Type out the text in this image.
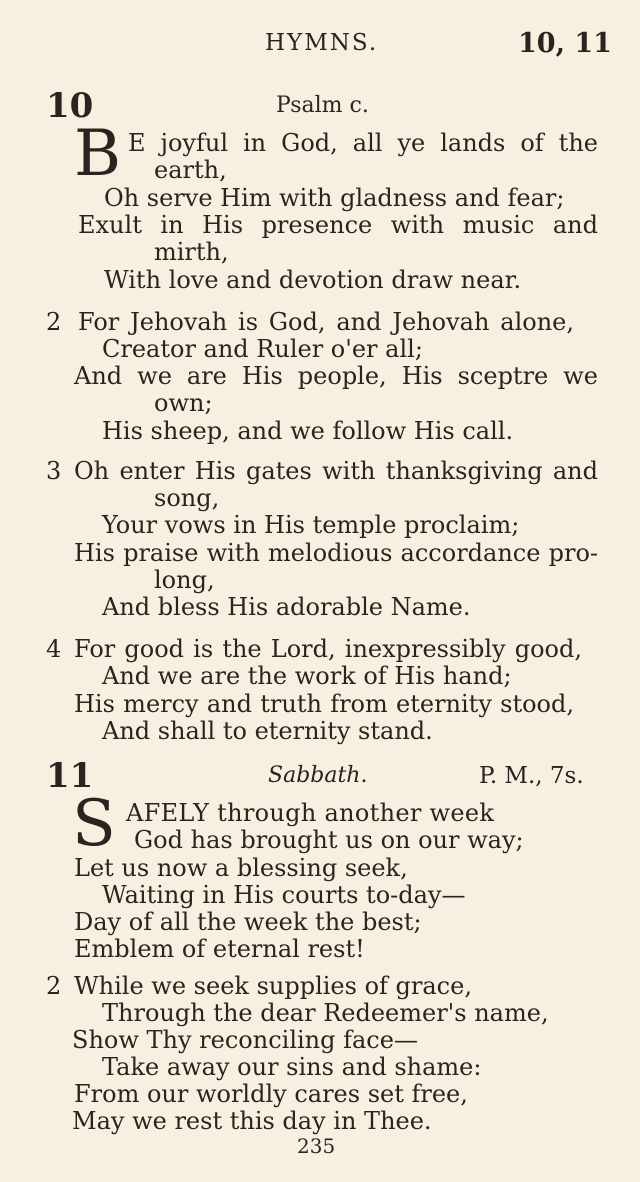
HYMNS.	10, 11
10	Psalm c.
B E joyful in God, all ye lands of the
earth,
Oh serve Him with gladness and fear;
Exult in His presence with music and
mirth,
With love and devotion draw near.
2 For Jehovah is God, and Jehovah alone,
Creator and Ruler o'er all;
And we are His people, His sceptre we
own;
His sheep, and we follow His call.
3 Oh enter His gates with thanksgiving and
song,
Your vows in His temple proclaim;
His praise with melodious accordance pro-
long,
And bless His adorable Name.
4 For good is the Lord, inexpressibly good,
And we are the work of His hand;
His mercy and truth from eternity stood,
And shall to eternity stand.
11	Sabbath.	P. M., 7s.
S AFELY through another week
God has brought us on our way;
Let us now a blessing seek,
Waiting in His courts to-day—
Day of all the week the best;
Emblem of eternal rest!
2 While we seek supplies of grace,
Through the dear Redeemer's name,
Show Thy reconciling face—
Take away our sins and shame:
From our worldly cares set free,
May we rest this day in Thee.
235
